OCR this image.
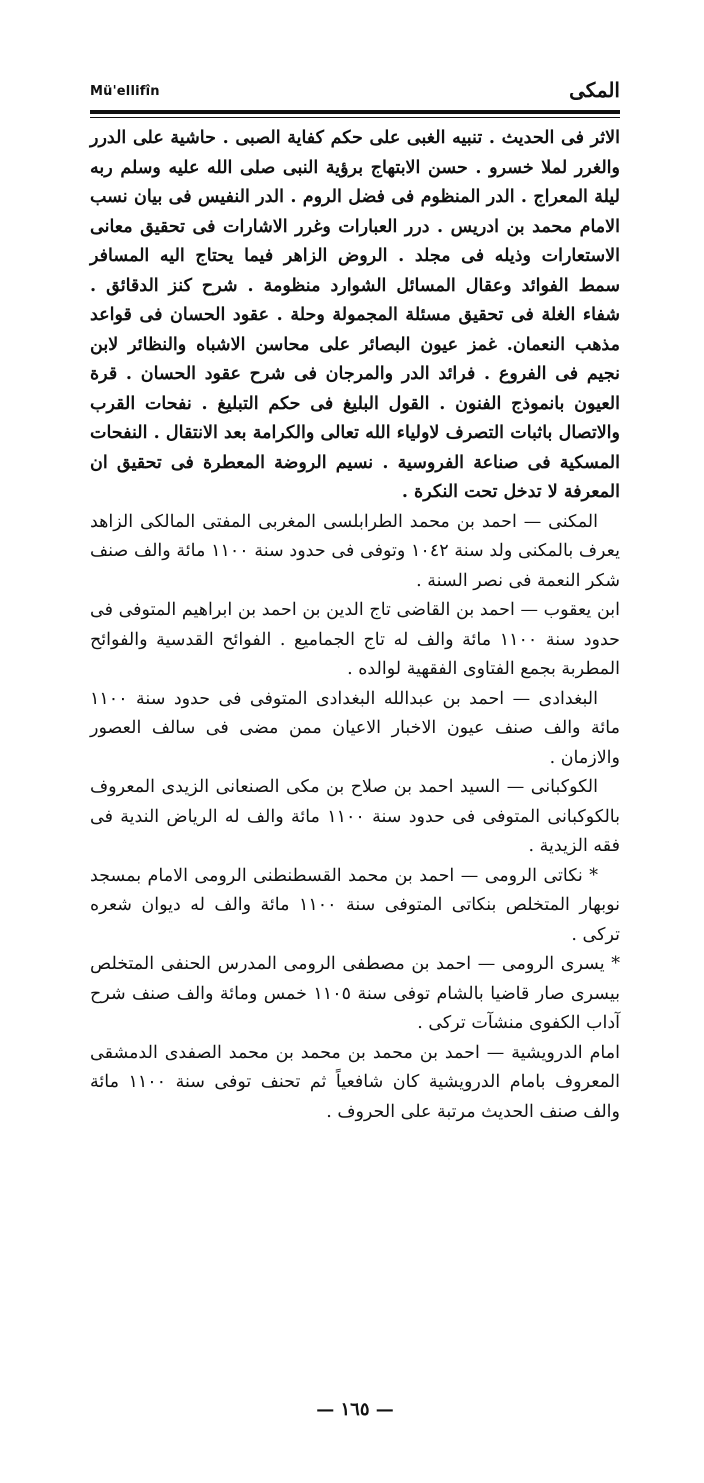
Mü'ellifîn	المكى

الاثر فى الحديث . تنبيه الغبى على حكم كفاية الصبى . حاشية على الدرر والغرر لملا خسرو . حسن الابتهاج برؤية النبى صلى الله عليه وسلم ربه ليلة المعراج . الدر المنظوم فى فضل الروم . الدر النفيس فى بيان نسب الامام محمد بن ادريس . درر العبارات وغرر الاشارات فى تحقيق معانى الاستعارات وذيله فى مجلد . الروض الزاهر فيما يحتاج اليه المسافر سمط الفوائد وعقال المسائل الشوارد منظومة . شرح كنز الدقائق . شفاء الغلة فى تحقيق مسئلة المجمولة وحلة . عقود الحسان فى قواعد مذهب النعمان. غمز عيون البصائر على محاسن الاشباه والنظائر لابن نجيم فى الفروع . فرائد الدر والمرجان فى شرح عقود الحسان . قرة العيون بانموذج الفنون . القول البليغ فى حكم التبليغ . نفحات القرب والاتصال باثبات التصرف لاولياء الله تعالى والكرامة بعد الانتقال . النفحات المسكية فى صناعة الفروسية . نسيم الروضة المعطرة فى تحقيق ان المعرفة لا تدخل تحت النكرة .

المكنى — احمد بن محمد الطرابلسى المغربى المفتى المالكى الزاهد يعرف بالمكنى ولد سنة ١٠٤٢ وتوفى فى حدود سنة ١١٠٠ مائة والف صنف شكر النعمة فى نصر السنة .

ابن يعقوب — احمد بن القاضى تاج الدين بن احمد بن ابراهيم المتوفى فى حدود سنة ١١٠٠ مائة والف له تاج الجماميع . الفوائح القدسية والفوائح المطربة بجمع الفتاوى الفقهية لوالده .

البغدادى — احمد بن عبدالله البغدادى المتوفى فى حدود سنة ١١٠٠ مائة والف صنف عيون الاخبار الاعيان ممن مضى فى سالف العصور والازمان .

الكوكبانى — السيد احمد بن صلاح بن مكى الصنعانى الزيدى المعروف بالكوكبانى المتوفى فى حدود سنة ١١٠٠ مائة والف له الرياض الندية فى فقه الزيدية .

* نكاتى الرومى — احمد بن محمد القسطنطنى الرومى الامام بمسجد نوبهار المتخلص بنكاتى المتوفى سنة ١١٠٠ مائة والف له ديوان شعره تركى .

* يسرى الرومى — احمد بن مصطفى الرومى المدرس الحنفى المتخلص بيسرى صار قاضيا بالشام توفى سنة ١١٠٥ خمس ومائة والف صنف شرح آداب الكفوى منشآت تركى .

امام الدرويشية — احمد بن محمد بن محمد بن محمد الصفدى الدمشقى المعروف بامام الدرويشية كان شافعياً ثم تحنف توفى سنة ١١٠٠ مائة والف صنف الحديث مرتبة على الحروف .

— ١٦٥ —
